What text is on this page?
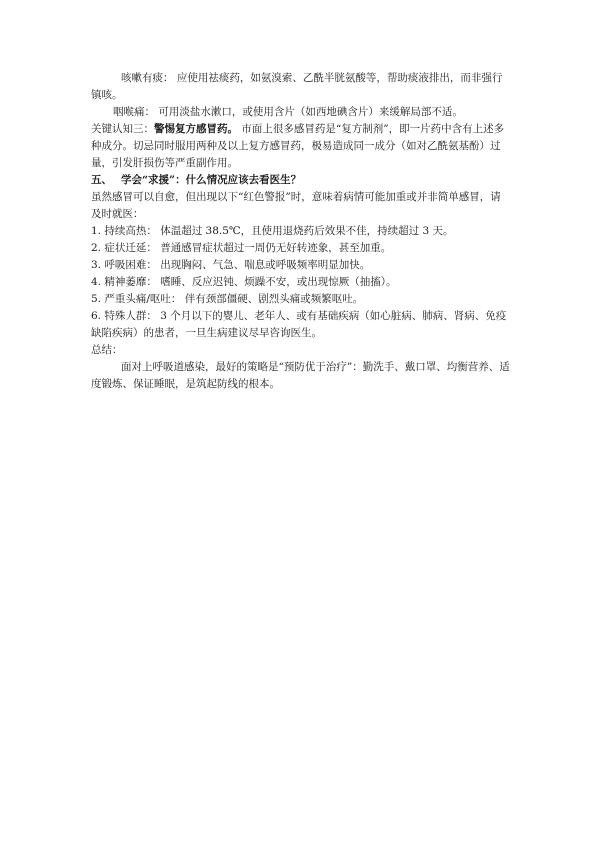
咳嗽有痰： 应使用祛痰药，如氨溴索、乙酰半胱氨酸等，帮助痰液排出，而非强行镇咳。

咽喉痛： 可用淡盐水漱口，或使用含片（如西地碘含片）来缓解局部不适。

关键认知三：警惕复方感冒药。 市面上很多感冒药是“复方制剂”，即一片药中含有上述多种成分。切忌同时服用两种及以上复方感冒药，极易造成同一成分（如对乙酰氨基酚）过量，引发肝损伤等严重副作用。

五、 学会“求援”：什么情况应该去看医生？

虽然感冒可以自愈，但出现以下“红色警报”时，意味着病情可能加重或并非简单感冒，请及时就医：

1. 持续高热： 体温超过 38.5℃，且使用退烧药后效果不佳，持续超过 3 天。

2. 症状迁延： 普通感冒症状超过一周仍无好转迹象，甚至加重。

3. 呼吸困难： 出现胸闷、气急、喘息或呼吸频率明显加快。

4. 精神萎靡： 嗜睡、反应迟钝、烦躁不安，或出现惊厥（抽搐）。

5. 严重头痛/呕吐： 伴有颈部僵硬、剧烈头痛或频繁呕吐。

6. 特殊人群： 3 个月以下的婴儿、老年人、或有基础疾病（如心脏病、肺病、肾病、免疫缺陷疾病）的患者，一旦生病建议尽早咨询医生。

总结：

面对上呼吸道感染，最好的策略是“预防优于治疗”：勤洗手、戴口罩、均衡营养、适度锻炼、保证睡眠，是筑起防线的根本。
